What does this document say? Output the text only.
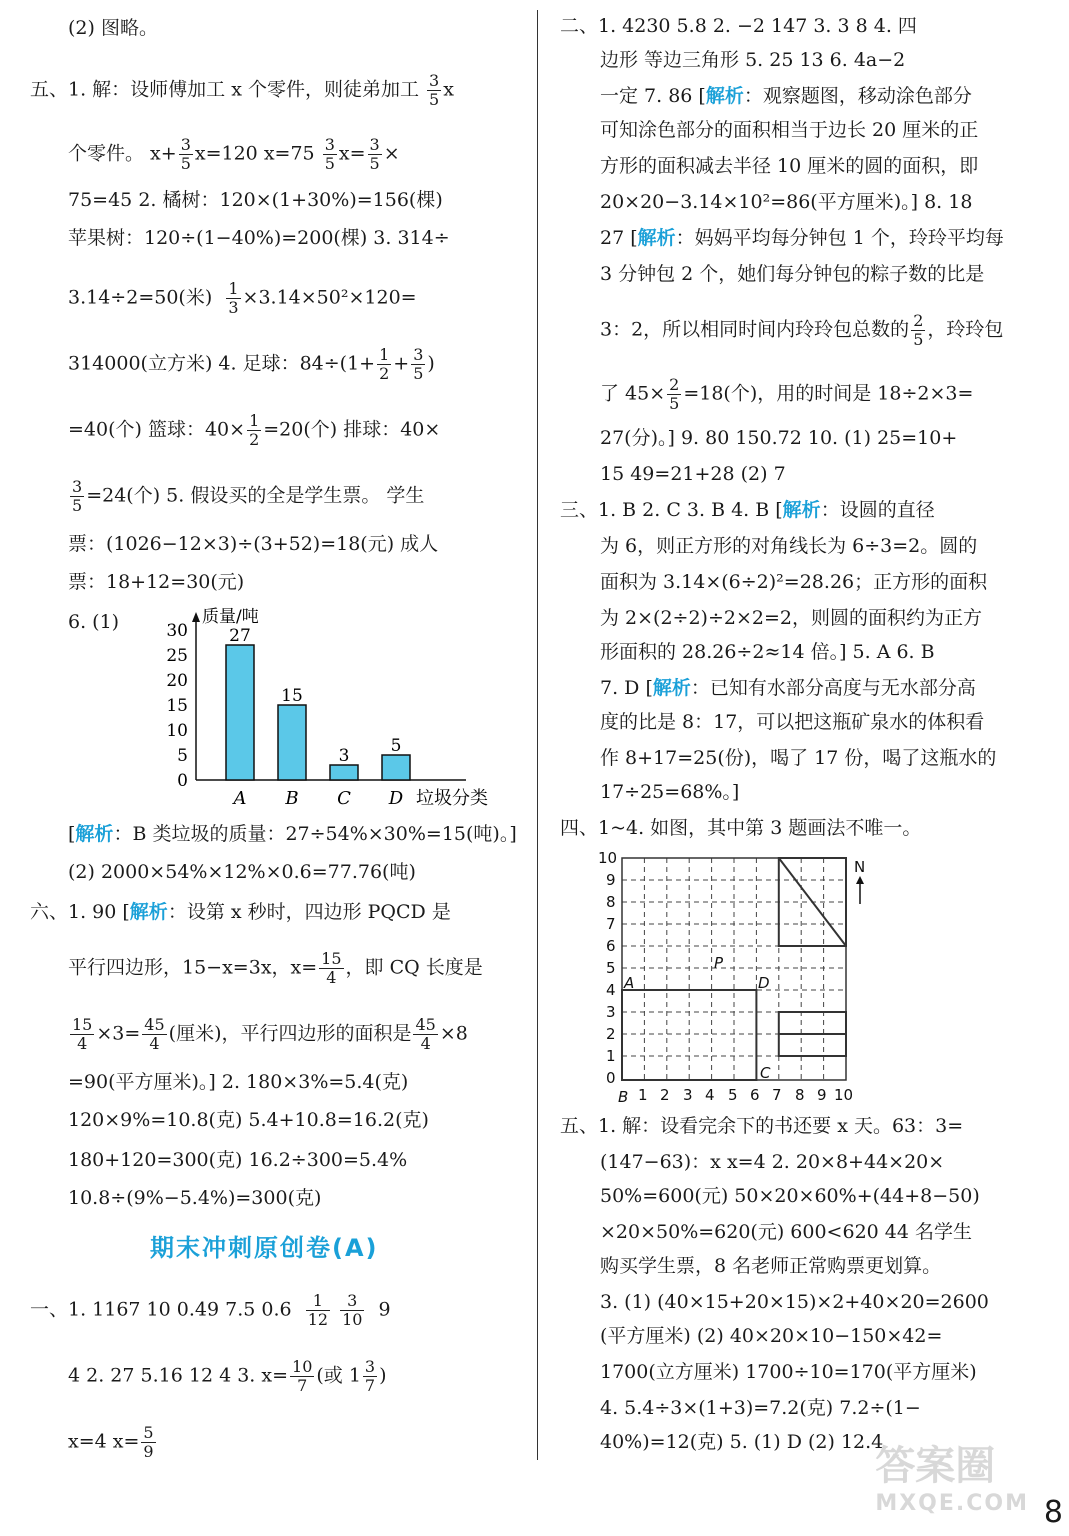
(2) 图略。
五、1. 解：设师傅加工 x 个零件，则徒弟加工 $\frac{3}{5}$ x
个零件。 $x+ \frac{3}{5} x=120$ $x=75 \frac{3}{5} x= \frac{3}{5}$ ×
75=45 2. 橘树：120×(1+30%)=156(棵)
苹果树：120÷(1−40%)=200(棵) 3. 314÷
3.14÷2=50(米) $\frac{1}{3} \times 3.14\times 50^2\times 120=$
314000(立方米) 4. 足球：$84\div(1+ \frac{1}{2} + \frac{3}{5}$ )
=40(个) 篮球：$40\times \frac{1}{2} =20$(个) 排球：40×
$\frac{3}{5} =24$(个) 5. 假设买的全是学生票。 学生
票：(1026−12×3)÷(3+52)=18(元) 成人
票：18+12=30(元)
6. (1)
0
5
10
15
20
25
30
质量/吨
27
A
15
B
3
C
5
D 垃圾分类
[解析：B 类垃圾的质量：27÷54%×30%=15(吨)。]
(2) 2000×54%×12%×0.6=77.76(吨)
六、1. 90 [解析：设第 x 秒时，四边形 PQCD 是
平行四边形，15−x=3x，$x= \frac{15}{4}$ ，即 CQ 长度是
$\frac{15}{4} \times 3= \frac{45}{4}$ (厘米)，平行四边形的面积是 $\frac{45}{4} \times 8$
=90(平方厘米)。] 2. 180×3%=5.4(克)
120×9%=10.8(克) 5.4+10.8=16.2(克)
180+120=300(克) 16.2÷300=5.4%
10.8÷(9%−5.4%)=300(克)
一、1. 1167 10 0.49 7.5 $0.6 \frac{1}{12}$
$\frac{3}{10} 9$
4 2. 27 5.16 12 4 3. $x= \frac{10}{7}$ (或 $1 \frac{3}{7}$ )
x=4 $x= \frac{5}{9}$
期末冲刺原创卷(A)
二、1. 4230 5.8 2. −2 147 3. 3 8 4. 四
边形 等边三角形 5. 25 13 6. 4a−2
一定 7. 86 [解析：观察题图，移动涂色部分
可知涂色部分的面积相当于边长 20 厘米的正
方形的面积减去半径 10 厘米的圆的面积，即
20×20−3.14×10²=86(平方厘米)。] 8. 18
27 [解析：妈妈平均每分钟包 1 个，玲玲平均每
3 分钟包 2 个，她们每分钟包的粽子数的比是
3：2，所以相同时间内玲玲包总数的 $\frac{2}{5}$ ，玲玲包
了 $45\times \frac{2}{5} =18$(个)，用的时间是 18÷2×3=
27(分)。] 9. 80 150.72 10. (1) 25=10+
15 49=21+28 (2) 7
三、1. B 2. C 3. B 4. B [解析：设圆的直径
为 6，则正方形的对角线长为 6÷3=2。圆的
面积为 3.14×(6÷2)²=28.26；正方形的面积
为 2×(2÷2)÷2×2=2，则圆的面积约为正方
形面积的 28.26÷2≈14 倍。] 5. A 6. B
7. D [解析：已知有水部分高度与无水部分高
度的比是 8：17，可以把这瓶矿泉水的体积看
作 8+17=25(份)，喝了 17 份，喝了这瓶水的
17÷25=68%。]
四、1~4. 如图，其中第 3 题画法不唯一。
10
9
8
7
6
5
4
3
2
1
0
1 2 3 4 5 6 7 8 9 10
B
A
P
D
C
N
五、1. 解：设看完余下的书还要 x 天。63：3=
(147−63)：x x=4 2. 20×8+44×20×
50%=600(元) 50×20×60%+(44+8−50)
×20×50%=620(元) 600<620 44 名学生
购买学生票，8 名老师正常购票更划算。
3. (1) (40×15+20×15)×2+40×20=2600
(平方厘米) (2) 40×20×10−150×42=
1700(立方厘米) 1700÷10=170(平方厘米)
4. 5.4÷3×(1+3)=7.2(克) 7.2÷(1−
40%)=12(克) 5. (1) D (2) 12.4
答案圈
MXQE.COM 8
